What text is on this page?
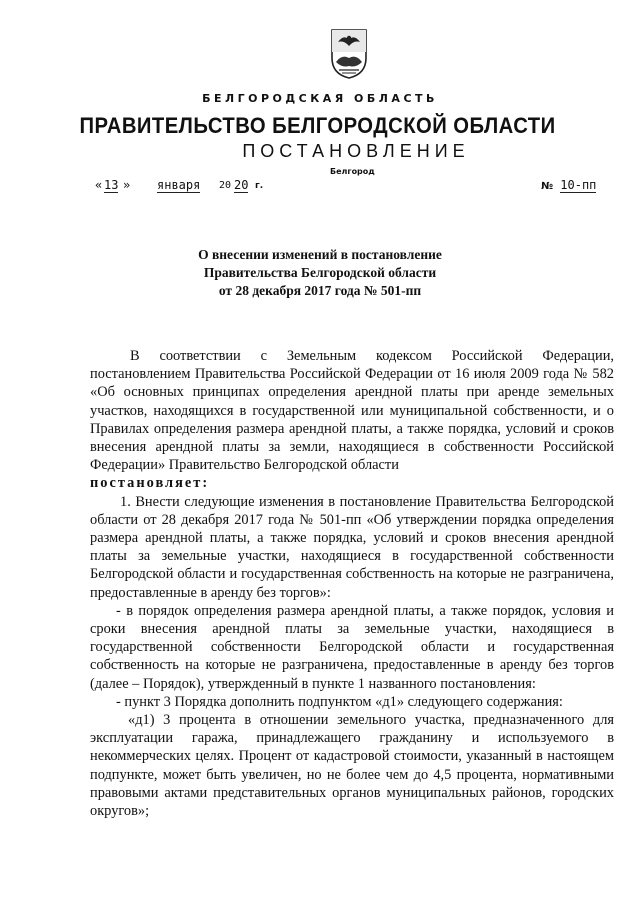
БЕЛГОРОДСКАЯ ОБЛАСТЬ
ПРАВИТЕЛЬСТВО БЕЛГОРОДСКОЙ ОБЛАСТИ
ПОСТАНОВЛЕНИЕ
Белгород
« 13 » января 20 20 г.	№ 10-пп
О внесении изменений в постановление
Правительства Белгородской области
от 28 декабря 2017 года № 501-пп

В соответствии с Земельным кодексом Российской Федерации, постановлением Правительства Российской Федерации от 16 июля 2009 года № 582 «Об основных принципах определения арендной платы при аренде земельных участков, находящихся в государственной или муниципальной собственности, и о Правилах определения размера арендной платы, а также порядка, условий и сроков внесения арендной платы за земли, находящиеся в собственности Российской Федерации» Правительство Белгородской области

постановляет:

1. Внести следующие изменения в постановление Правительства Белгородской области от 28 декабря 2017 года № 501-пп «Об утверждении порядка определения размера арендной платы, а также порядка, условий и сроков внесения арендной платы за земельные участки, находящиеся в государственной собственности Белгородской области и государственная собственность на которые не разграничена, предоставленные в аренду без торгов»:

- в порядок определения размера арендной платы, а также порядок, условия и сроки внесения арендной платы за земельные участки, находящиеся в государственной собственности Белгородской области и государственная собственность на которые не разграничена, предоставленные в аренду без торгов (далее – Порядок), утвержденный в пункте 1 названного постановления:

- пункт 3 Порядка дополнить подпунктом «д1» следующего содержания:

«д1) 3 процента в отношении земельного участка, предназначенного для эксплуатации гаража, принадлежащего гражданину и используемого в некоммерческих целях. Процент от кадастровой стоимости, указанный в настоящем подпункте, может быть увеличен, но не более чем до 4,5 процента, нормативными правовыми актами представительных органов муниципальных районов, городских округов»;
